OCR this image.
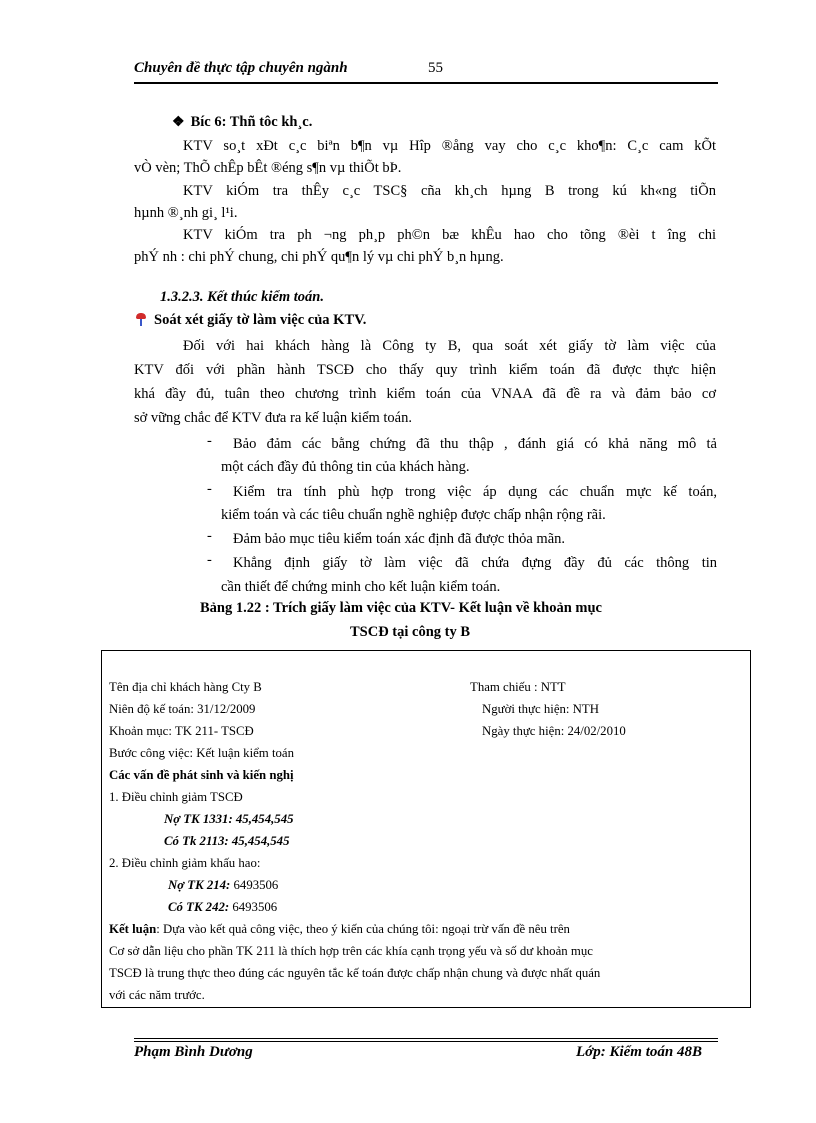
Chuyên đề thực tập chuyên ngành	55
❖ Bíc 6: Thñ tôc kh¸c.
KTV so¸t xÐt c¸c biªn b¶n vµ Hîp ®ång vay cho c¸c kho¶n: C¸c cam kÕt
vÒ vèn; ThÕ chÊp bÊt ®éng s¶n vµ thiÕt bÞ.
KTV kiÓm tra thÊy c¸c TSC§ cña kh¸ch hµng B trong kú kh«ng tiÕn
hµnh ®¸nh gi¸ l¹i.
KTV kiÓm tra ph ¬ng ph¸p ph©n bæ khÊu hao cho tõng ®èi t îng chi
phÝ nh : chi phÝ chung, chi phÝ qu¶n lý vµ chi phÝ b¸n hµng.
1.3.2.3. Kết thúc kiểm toán.
Soát xét giấy tờ làm việc của KTV.
Đối với hai khách hàng là Công ty B, qua soát xét giấy tờ làm việc của
KTV đối với phần hành TSCĐ cho thấy quy trình kiểm toán đã được thực hiện
khá đầy đủ, tuân theo chương trình kiểm toán của VNAA đã đề ra và đảm bảo cơ
sở vững chắc để KTV đưa ra kế luận kiểm toán.
- Bảo đảm các bằng chứng đã thu thập , đánh giá có khả năng mô tả
một cách đầy đủ thông tin của khách hàng.
- Kiểm tra tính phù hợp trong việc áp dụng các chuẩn mực kế toán,
kiểm toán và các tiêu chuẩn nghề nghiệp được chấp nhận rộng rãi.
- Đảm bảo mục tiêu kiểm toán xác định đã được thỏa mãn.
- Khẳng định giấy tờ làm việc đã chứa đựng đầy đủ các thông tin
cần thiết để chứng minh cho kết luận kiểm toán.
Bảng 1.22 : Trích giấy làm việc của KTV- Kết luận về khoản mục
TSCĐ tại công ty B
Tên địa chỉ khách hàng Cty B	Tham chiếu : NTT
Niên độ kế toán: 31/12/2009	Người thực hiện: NTH
Khoản mục: TK 211- TSCĐ	Ngày thực hiện: 24/02/2010
Bước công việc: Kết luận kiểm toán
Các vấn đề phát sinh và kiến nghị
1. Điều chỉnh giảm TSCĐ
Nợ TK 1331: 45,454,545
Có Tk 2113: 45,454,545
2. Điều chỉnh giảm khấu hao:
Nợ TK 214: 6493506
Có TK 242: 6493506
Kết luận: Dựa vào kết quả công việc, theo ý kiến của chúng tôi: ngoại trừ vấn đề nêu trên
Cơ sở dẫn liệu cho phần TK 211 là thích hợp trên các khía cạnh trọng yếu và số dư khoản mục
TSCĐ là trung thực theo đúng các nguyên tắc kế toán được chấp nhận chung và được nhất quán
với các năm trước.
Phạm Bình Dương	Lớp: Kiểm toán 48B
